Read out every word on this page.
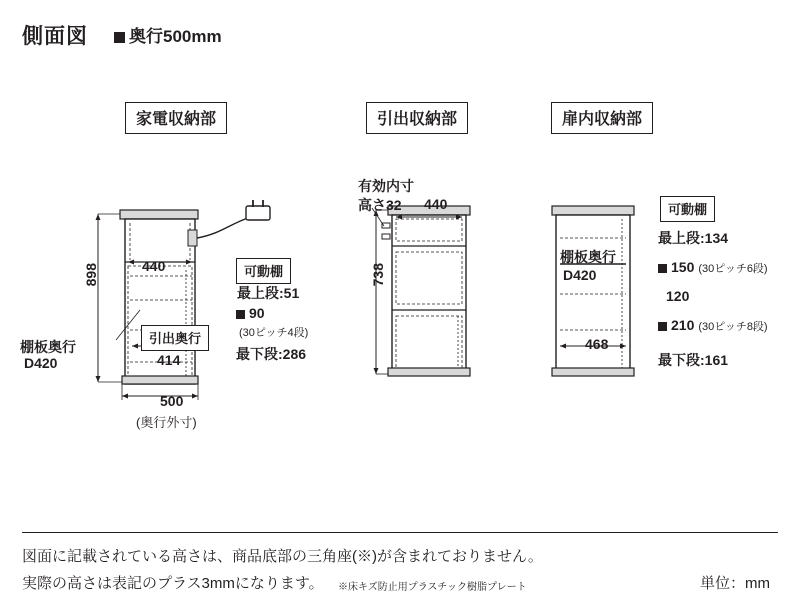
側面図	奥行500mm
家電収納部	引出収納部	扉内収納部
440
898
500
(奥行外寸)
引出奥行
414
棚板奥行
D420
可動棚
最上段:51
90
(30ピッチ4段)
最下段:286
有効内寸
高さ32 440
738
可動棚
棚板奥行
D420
最上段:134
150 (30ピッチ6段)
120
210 (30ピッチ8段)
468
最下段:161
図面に記載されている高さは、商品底部の三角座(※)が含まれておりません。
実際の高さは表記のプラス3mmになります。 ※床キズ防止用プラスチック樹脂プレート	単位：mm
